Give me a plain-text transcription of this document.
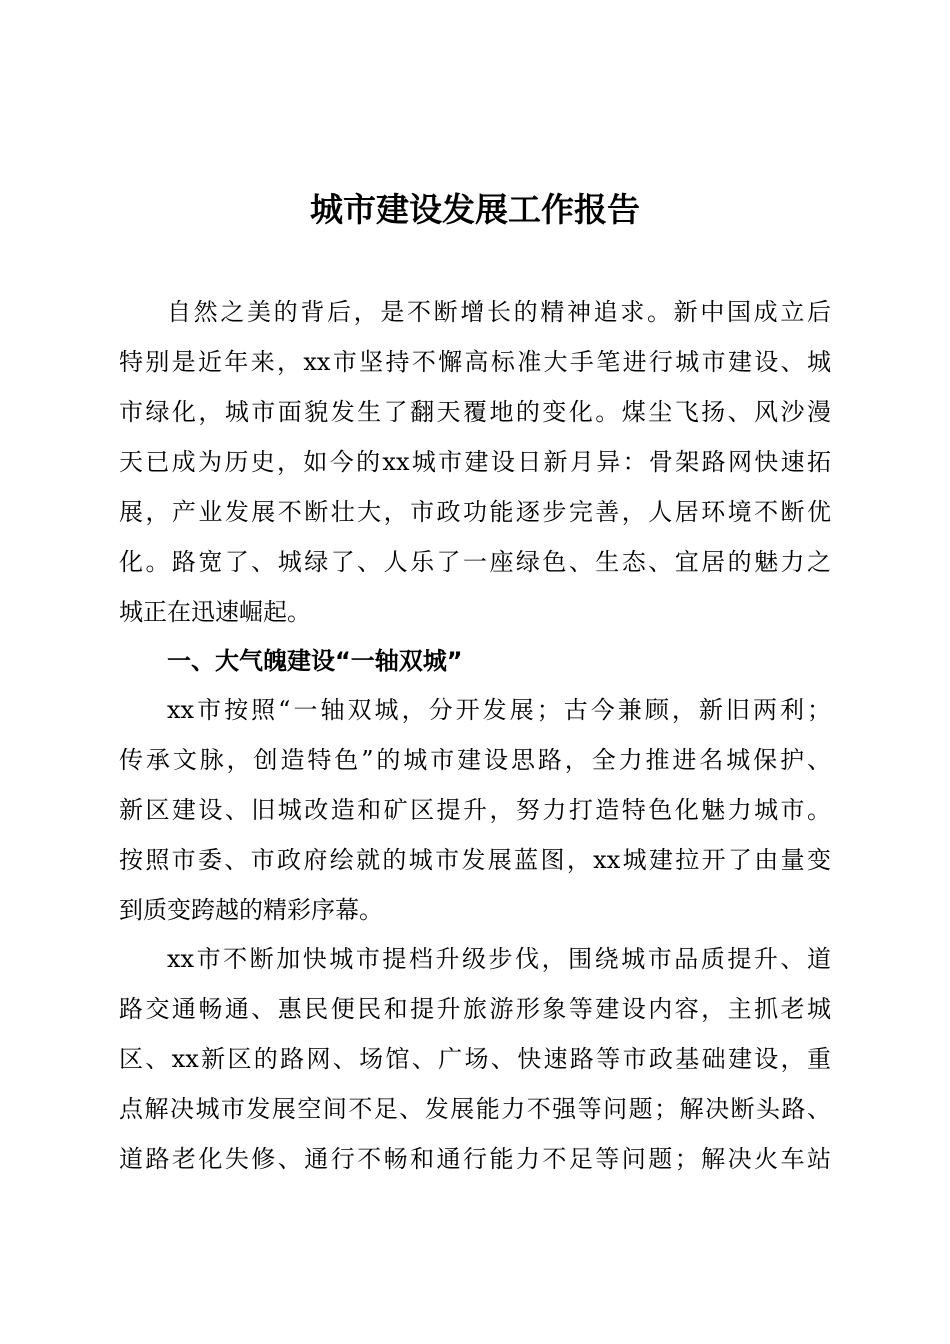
城市建设发展工作报告
自然之美的背后，是不断增长的精神追求。新中国成立后
特别是近年来，xx市坚持不懈高标准大手笔进行城市建设、城
市绿化，城市面貌发生了翻天覆地的变化。煤尘飞扬、风沙漫
天已成为历史，如今的xx城市建设日新月异：骨架路网快速拓
展，产业发展不断壮大，市政功能逐步完善，人居环境不断优
化。路宽了、城绿了、人乐了一座绿色、生态、宜居的魅力之
城正在迅速崛起。
一、大气魄建设“一轴双城”
xx市按照“一轴双城，分开发展；古今兼顾，新旧两利；
传承文脉，创造特色”的城市建设思路，全力推进名城保护、
新区建设、旧城改造和矿区提升，努力打造特色化魅力城市。
按照市委、市政府绘就的城市发展蓝图，xx城建拉开了由量变
到质变跨越的精彩序幕。
xx市不断加快城市提档升级步伐，围绕城市品质提升、道
路交通畅通、惠民便民和提升旅游形象等建设内容，主抓老城
区、xx新区的路网、场馆、广场、快速路等市政基础建设，重
点解决城市发展空间不足、发展能力不强等问题；解决断头路、
道路老化失修、通行不畅和通行能力不足等问题；解决火车站
